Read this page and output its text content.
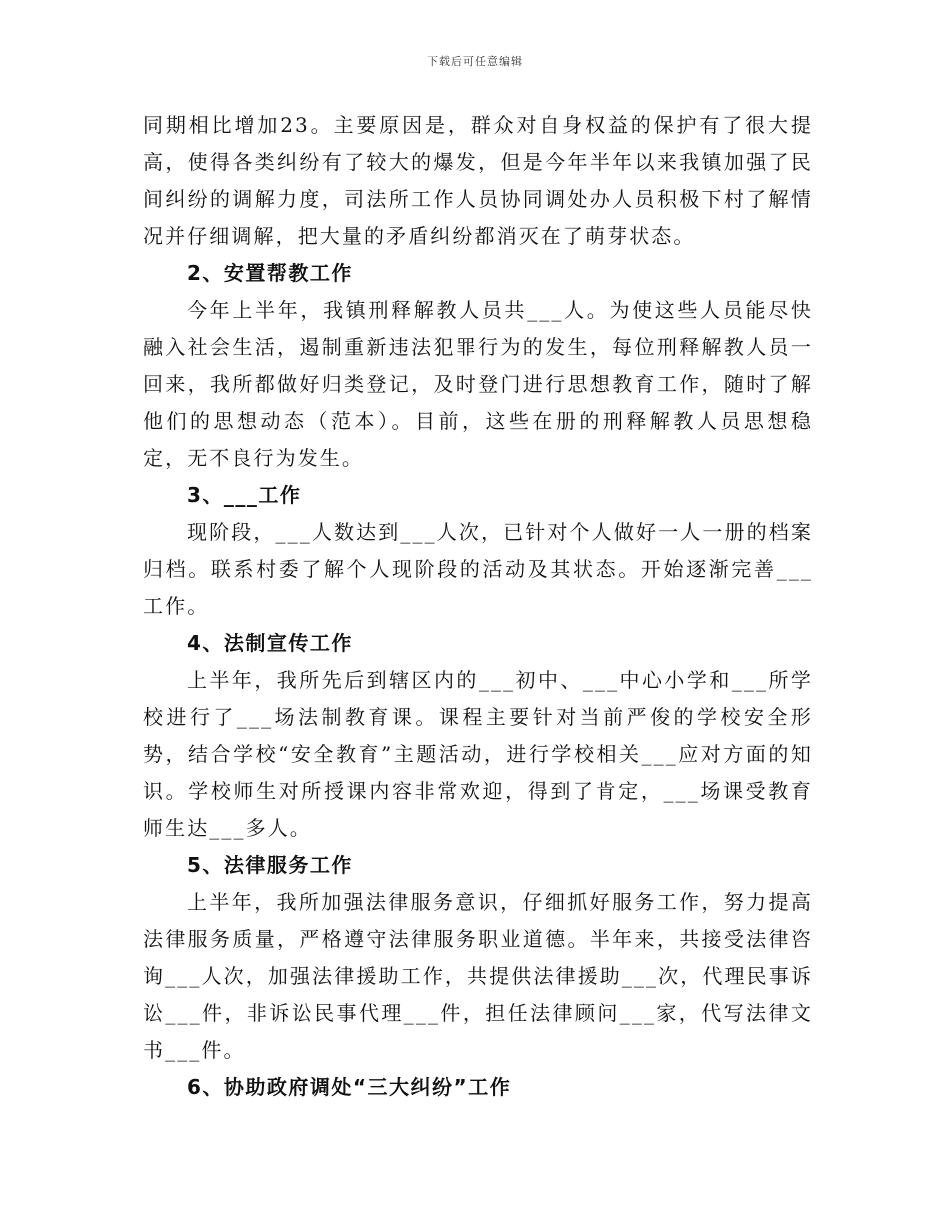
下载后可任意编辑

同期相比增加23。主要原因是，群众对自身权益的保护有了很大提高，使得各类纠纷有了较大的爆发，但是今年半年以来我镇加强了民间纠纷的调解力度，司法所工作人员协同调处办人员积极下村了解情况并仔细调解，把大量的矛盾纠纷都消灭在了萌芽状态。

2、安置帮教工作

今年上半年，我镇刑释解教人员共___人。为使这些人员能尽快融入社会生活，遏制重新违法犯罪行为的发生，每位刑释解教人员一回来，我所都做好归类登记，及时登门进行思想教育工作，随时了解他们的思想动态（范本）。目前，这些在册的刑释解教人员思想稳定，无不良行为发生。

3、___工作

现阶段，___人数达到___人次，已针对个人做好一人一册的档案归档。联系村委了解个人现阶段的活动及其状态。开始逐渐完善___工作。

4、法制宣传工作

上半年，我所先后到辖区内的___初中、___中心小学和___所学校进行了___场法制教育课。课程主要针对当前严俊的学校安全形势，结合学校“安全教育”主题活动，进行学校相关___应对方面的知识。学校师生对所授课内容非常欢迎，得到了肯定，___场课受教育师生达___多人。

5、法律服务工作

上半年，我所加强法律服务意识，仔细抓好服务工作，努力提高法律服务质量，严格遵守法律服务职业道德。半年来，共接受法律咨询___人次，加强法律援助工作，共提供法律援助___次，代理民事诉讼___件，非诉讼民事代理___件，担任法律顾问___家，代写法律文书___件。

6、协助政府调处“三大纠纷”工作
